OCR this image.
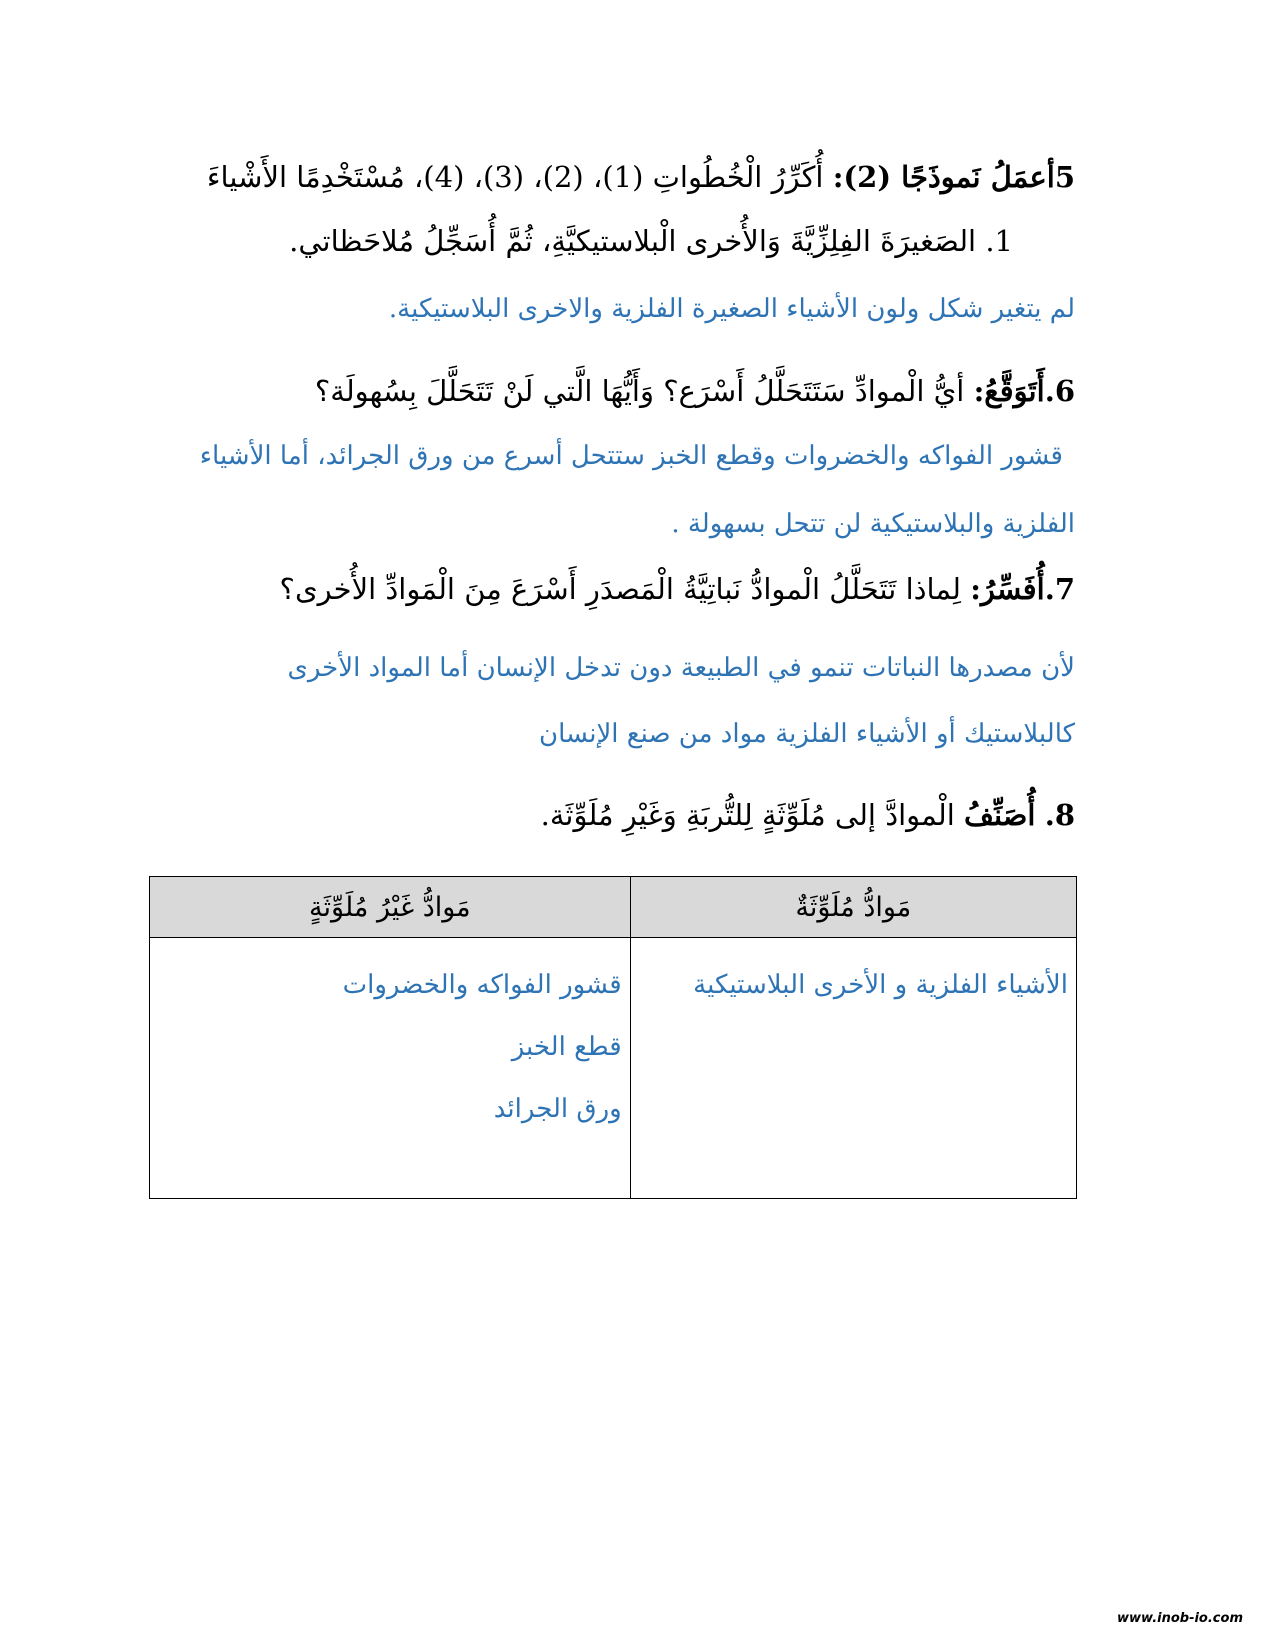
5أعمَلُ نَموذَجًا (2): أُكَرِّرُ الْخُطُواتِ (1)، (2)، (3)، (4)، مُسْتَخْدِمًا الأَشْياءَ
1. الصَغيرَةَ الفِلِزِّيَّةَ وَالأُخرى الْبلاستيكيَّةِ، ثُمَّ أُسَجِّلُ مُلاحَظاتي.
لم يتغير شكل ولون الأشياء الصغيرة الفلزية والاخرى البلاستيكية.
6.أَتَوَقَّعُ: أيُّ الْموادِّ سَتَتَحَلَّلُ أَسْرَع؟ وَأَيُّهَا الَّتي لَنْ تَتَحَلَّلَ بِسُهولَة؟
قشور الفواكه والخضروات وقطع الخبز ستتحل أسرع من ورق الجرائد، أما الأشياء
الفلزية والبلاستيكية لن تتحل بسهولة .
7.أُفَسِّرُ: لِماذا تَتَحَلَّلُ الْموادُّ نَباتِيَّةُ الْمَصدَرِ أَسْرَعَ مِنَ الْمَوادِّ الأُخرى؟
لأن مصدرها النباتات تنمو في الطبيعة دون تدخل الإنسان أما المواد الأخرى
كالبلاستيك أو الأشياء الفلزية مواد من صنع الإنسان
8. أُصَنِّفُ الْموادَّ إلى مُلَوِّثَةٍ لِلتُّربَةِ وَغَيْرِ مُلَوِّثَة.
مَوادُّ مُلَوِّثَةٌ	مَوادُّ غَيْرُ مُلَوِّثَةٍ

الأشياء الفلزية و الأخرى البلاستيكية	قشور الفواكه والخضروات
قطع الخبز
ورق الجرائد
www.inob-io.com
